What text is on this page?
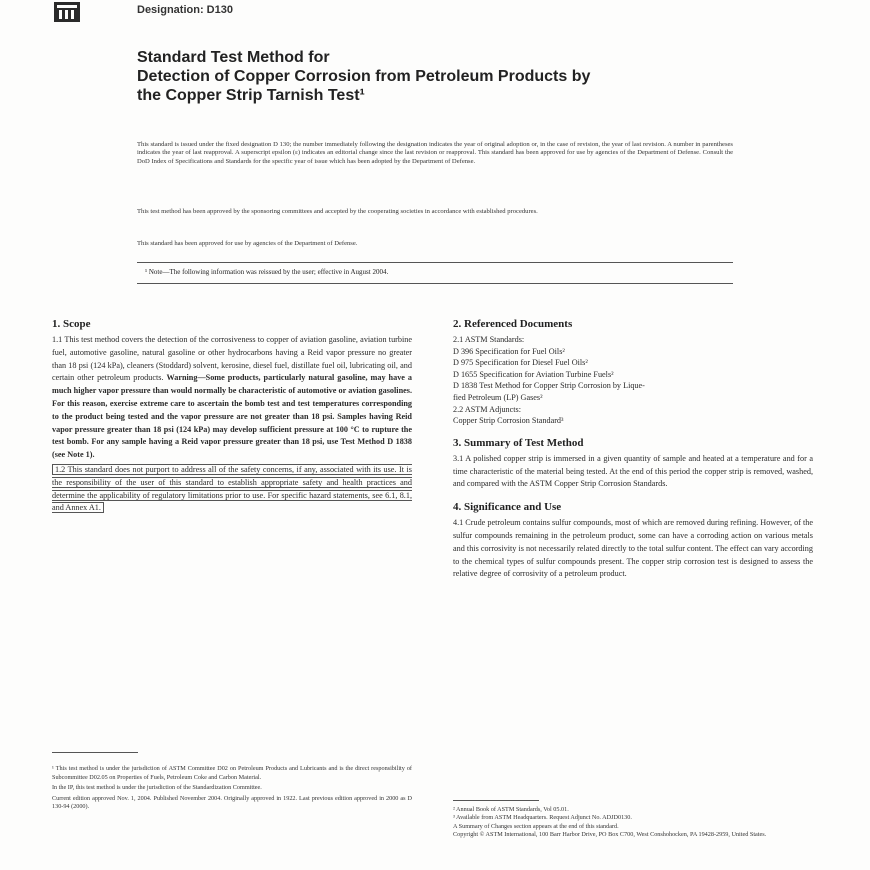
Designation: D130
Standard Test Method for
Detection of Copper Corrosion from Petroleum Products by
the Copper Strip Tarnish Test¹
This standard is issued under the fixed designation D 130; the number immediately following the designation indicates the year of original adoption or, in the case of revision, the year of last revision. A number in parentheses indicates the year of last reapproval. A superscript epsilon (ε) indicates an editorial change since the last revision or reapproval. This standard has been approved for use by agencies of the Department of Defense. Consult the DoD Index of Specifications and Standards for the specific year of issue which has been adopted by the Department of Defense.
This test method has been approved by the sponsoring committees and accepted by the cooperating societies in accordance with established procedures.
This standard has been approved for use by agencies of the Department of Defense.
¹ Note—The following information was reissued by the user; effective in August 2004.
1. Scope

1.1 This test method covers the detection of the corrosiveness to copper of aviation gasoline, aviation turbine fuel, automotive gasoline, natural gasoline or other hydrocarbons having a Reid vapor pressure no greater than 18 psi (124 kPa), cleaners (Stoddard) solvent, kerosine, diesel fuel, distillate fuel oil, lubricating oil, and certain other petroleum products. Warning—Some products, particularly natural gasoline, may have a much higher vapor pressure than would normally be characteristic of automotive or aviation gasolines. For this reason, exercise extreme care to ascertain the bomb test and test temperatures corresponding to the product being tested and the vapor pressure are not greater than 18 psi. Samples having Reid vapor pressure greater than 18 psi (124 kPa) may develop sufficient pressure at 100 °C to rupture the test bomb. For any sample having a Reid vapor pressure greater than 18 psi, use Test Method D 1838 (see Note 1).

1.2 This standard does not purport to address all of the safety concerns, if any, associated with its use. It is the responsibility of the user of this standard to establish appropriate safety and health practices and determine the applicability of regulatory limitations prior to use. For specific hazard statements, see 6.1, 8.1, and Annex A1.

¹ This test method is under the jurisdiction of ASTM Committee D02 on Petroleum Products and Lubricants and is the direct responsibility of Subcommittee D02.05 on Properties of Fuels, Petroleum Coke and Carbon Material.
In the IP, this test method is under the jurisdiction of the Standardization Committee.
Current edition approved Nov. 1, 2004. Published November 2004. Originally approved in 1922. Last previous edition approved in 2000 as D 130-94 (2000).
2. Referenced Documents
2.1 ASTM Standards:
D 396 Specification for Fuel Oils²
D 975 Specification for Diesel Fuel Oils²
D 1655 Specification for Aviation Turbine Fuels²
D 1838 Test Method for Copper Strip Corrosion by Lique-
fied Petroleum (LP) Gases²
2.2 ASTM Adjuncts:
Copper Strip Corrosion Standard³
3. Summary of Test Method

3.1 A polished copper strip is immersed in a given quantity of sample and heated at a temperature and for a time characteristic of the material being tested. At the end of this period the copper strip is removed, washed, and compared with the ASTM Copper Strip Corrosion Standards.

4. Significance and Use

4.1 Crude petroleum contains sulfur compounds, most of which are removed during refining. However, of the sulfur compounds remaining in the petroleum product, some can have a corroding action on various metals and this corrosivity is not necessarily related directly to the total sulfur content. The effect can vary according to the chemical types of sulfur compounds present. The copper strip corrosion test is designed to assess the relative degree of corrosivity of a petroleum product.

² Annual Book of ASTM Standards, Vol 05.01.
³ Available from ASTM Headquarters. Request Adjunct No. ADJD0130.
A Summary of Changes section appears at the end of this standard.
Copyright © ASTM International, 100 Barr Harbor Drive, PO Box C700, West Conshohocken, PA 19428-2959, United States.
